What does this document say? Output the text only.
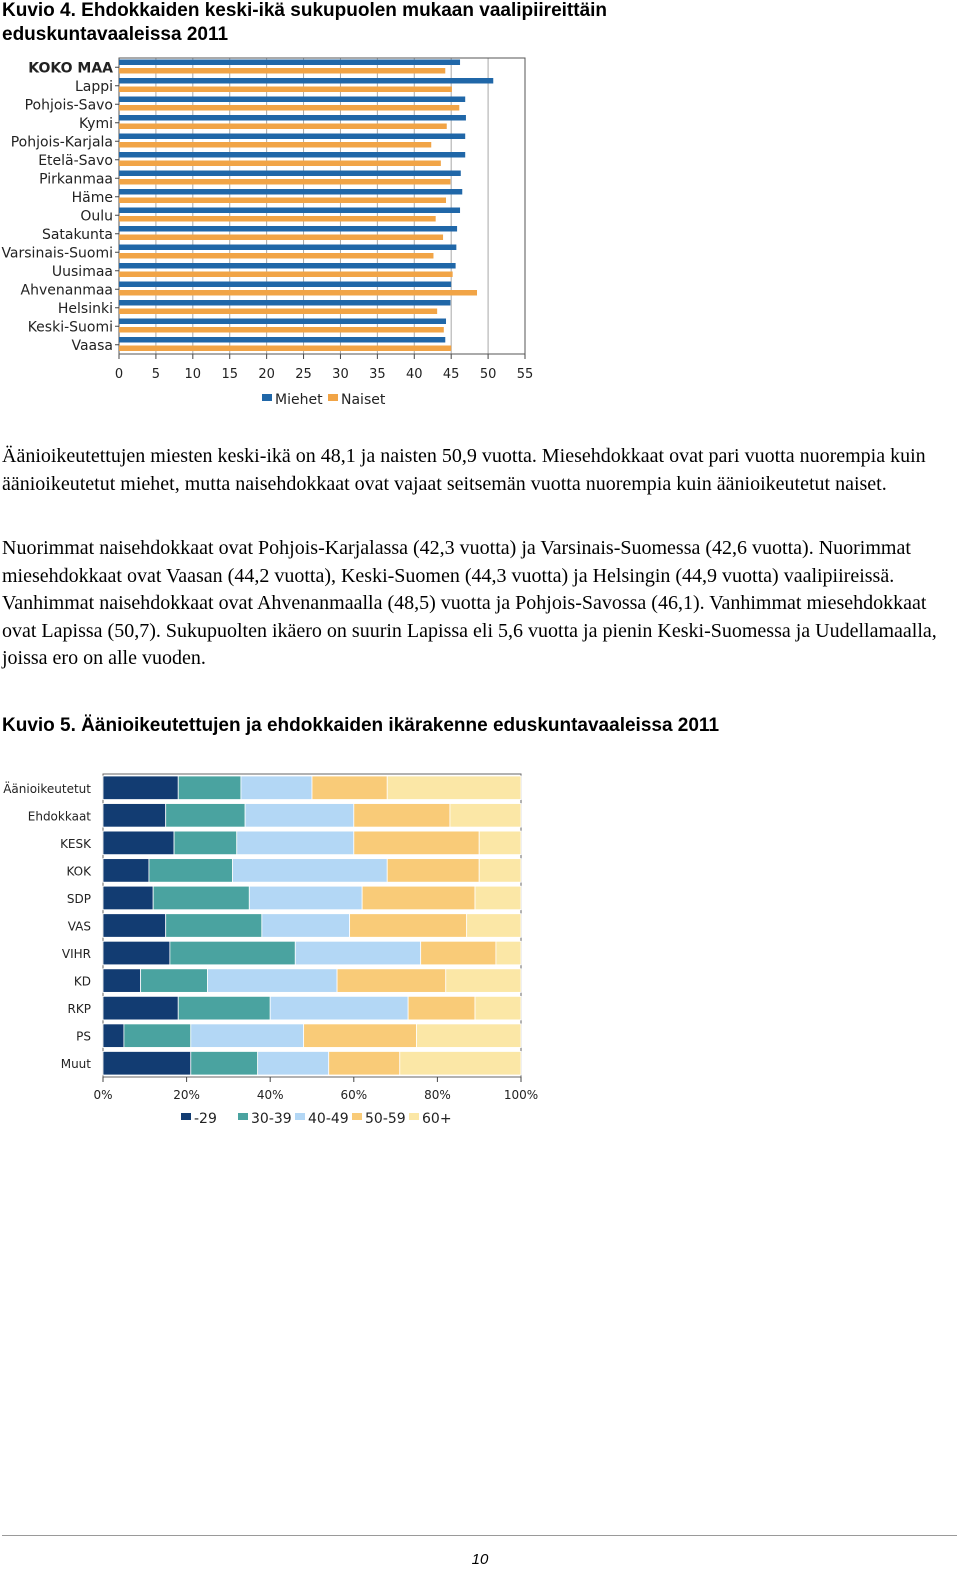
Kuvio 4. Ehdokkaiden keski-ikä sukupuolen mukaan vaalipiireittäin eduskuntavaaleissa 2011
0 5 10 15 20 25 30 35 40 45 50 55
KOKO MAA
Lappi
Pohjois-Savo
Kymi
Pohjois-Karjala
Etelä-Savo
Pirkanmaa
Häme
Oulu
Satakunta
Varsinais-Suomi
Uusimaa
Ahvenanmaa
Helsinki
Keski-Suomi
Vaasa
Miehet Naiset

Äänioikeutettujen miesten keski-ikä on 48,1 ja naisten 50,9 vuotta. Miesehdokkaat ovat pari vuotta nuorempia kuin äänioikeutetut miehet, mutta naisehdokkaat ovat vajaat seitsemän vuotta nuorempia kuin äänioikeutetut naiset.

Nuorimmat naisehdokkaat ovat Pohjois-Karjalassa (42,3 vuotta) ja Varsinais-Suomessa (42,6 vuotta). Nuorimmat miesehdokkaat ovat Vaasan (44,2 vuotta), Keski-Suomen (44,3 vuotta) ja Helsingin (44,9 vuotta) vaalipiireissä. Vanhimmat naisehdokkaat ovat Ahvenanmaalla (48,5) vuotta ja Pohjois-Savossa (46,1). Vanhimmat miesehdokkaat ovat Lapissa (50,7). Sukupuolten ikäero on suurin Lapissa eli 5,6 vuotta ja pienin Keski-Suomessa ja Uudellamaalla, joissa ero on alle vuoden.

Kuvio 5. Äänioikeutettujen ja ehdokkaiden ikärakenne eduskuntavaaleissa 2011
Äänioikeutetut
Ehdokkaat
KESK
KOK
SDP
VAS
VIHR
KD
RKP
PS
Muut
0%	20%	40%	60%	80%	100%
-29 30-39 40-49 50-59 60+
10
